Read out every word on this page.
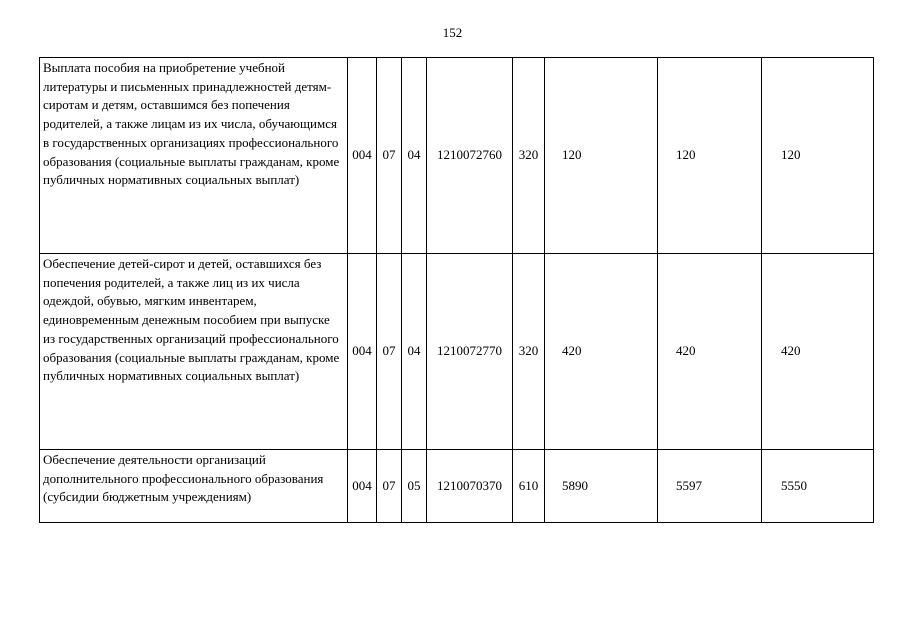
152
Выплата пособия на приобретение учебной литературы и письменных принадлежностей детям-сиротам и детям, оставшимся без попечения родителей, а также лицам из их числа, обучающимся в государственных организациях профессионального образования (социальные выплаты гражданам, кроме публичных нормативных социальных выплат)	004	07	04	1210072760	320	120	120	120
Обеспечение детей-сирот и детей, оставшихся без попечения родителей, а также лиц из их числа одеждой, обувью, мягким инвентарем, единовременным денежным пособием при выпуске из государственных организаций профессионального образования (социальные выплаты гражданам, кроме публичных нормативных социальных выплат)	004	07	04	1210072770	320	420	420	420
Обеспечение деятельности организаций дополнительного профессионального образования (субсидии бюджетным учреждениям)	004	07	05	1210070370	610	5890	5597	5550
